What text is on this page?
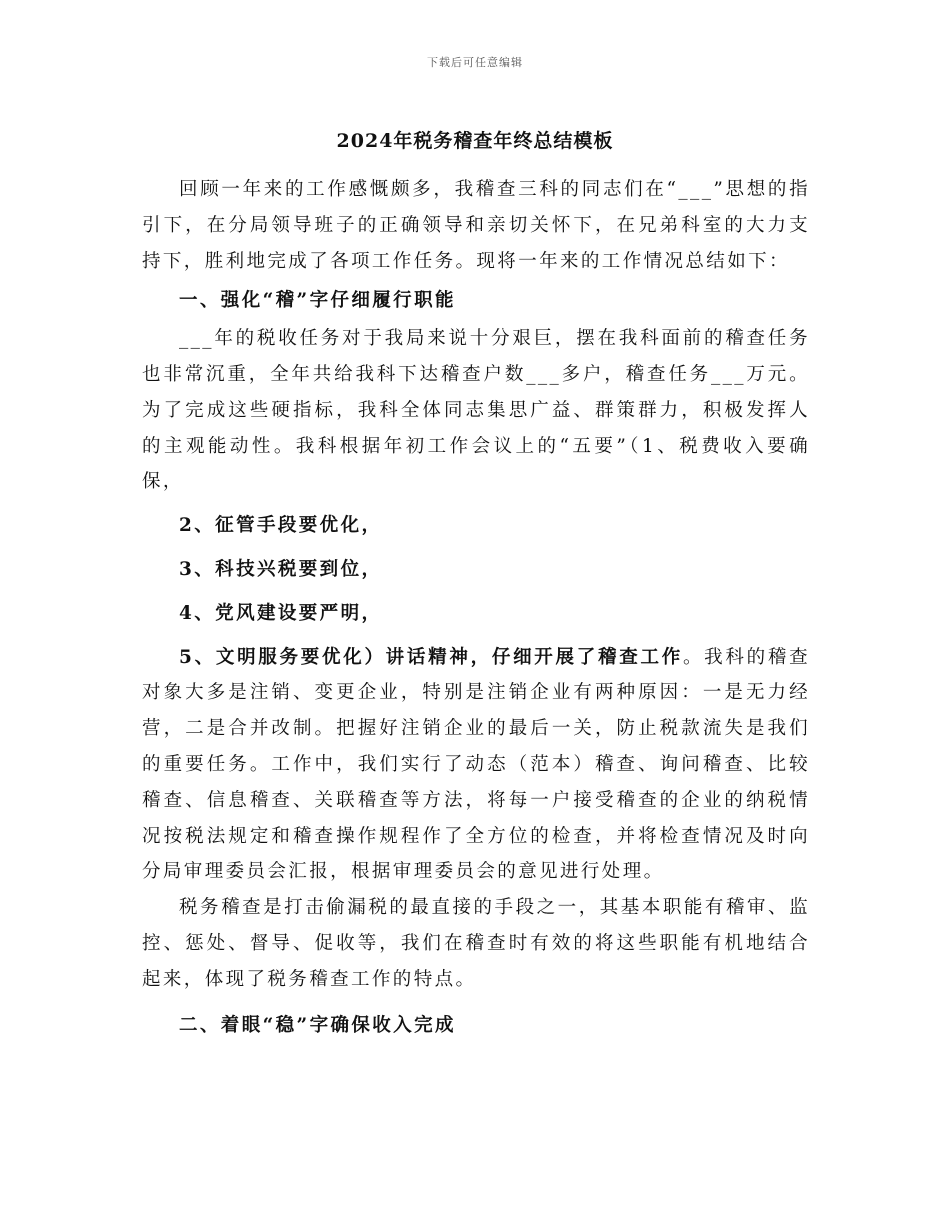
下载后可任意编辑
2024年税务稽查年终总结模板

回顾一年来的工作感慨颇多，我稽查三科的同志们在“___”思想的指引下，在分局领导班子的正确领导和亲切关怀下，在兄弟科室的大力支持下，胜利地完成了各项工作任务。现将一年来的工作情况总结如下：

一、强化“稽”字仔细履行职能

___年的税收任务对于我局来说十分艰巨，摆在我科面前的稽查任务也非常沉重，全年共给我科下达稽查户数___多户，稽查任务___万元。为了完成这些硬指标，我科全体同志集思广益、群策群力，积极发挥人的主观能动性。我科根据年初工作会议上的“五要”（1、税费收入要确保，

2、征管手段要优化，

3、科技兴税要到位，

4、党风建设要严明，

5、文明服务要优化）讲话精神，仔细开展了稽查工作。我科的稽查对象大多是注销、变更企业，特别是注销企业有两种原因：一是无力经营，二是合并改制。把握好注销企业的最后一关，防止税款流失是我们的重要任务。工作中，我们实行了动态（范本）稽查、询问稽查、比较稽查、信息稽查、关联稽查等方法，将每一户接受稽查的企业的纳税情况按税法规定和稽查操作规程作了全方位的检查，并将检查情况及时向分局审理委员会汇报，根据审理委员会的意见进行处理。

税务稽查是打击偷漏税的最直接的手段之一，其基本职能有稽审、监控、惩处、督导、促收等，我们在稽查时有效的将这些职能有机地结合起来，体现了税务稽查工作的特点。

二、着眼“稳”字确保收入完成
